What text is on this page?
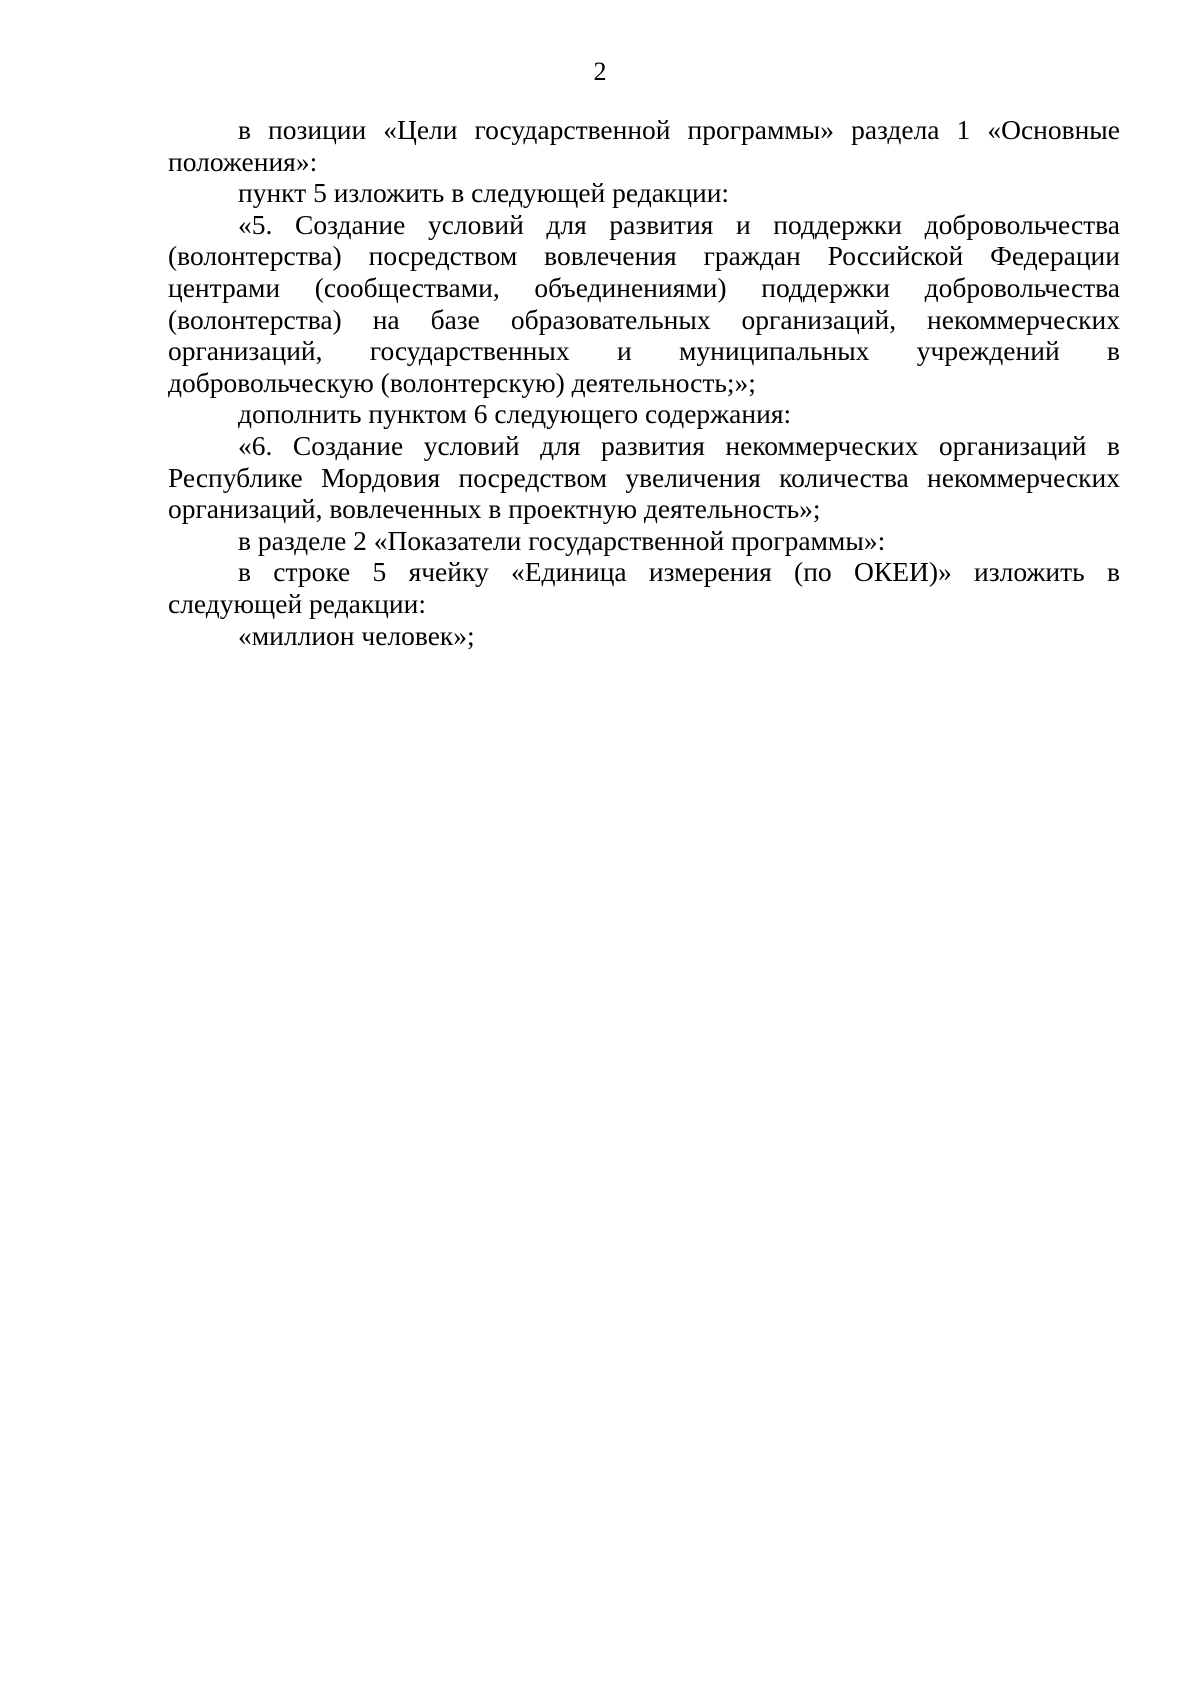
2

в позиции «Цели государственной программы» раздела 1 «Основные положения»:

пункт 5 изложить в следующей редакции:

«5. Создание условий для развития и поддержки добровольчества (волонтерства) посредством вовлечения граждан Российской Федерации центрами (сообществами, объединениями) поддержки добровольчества (волонтерства) на базе образовательных организаций, некоммерческих организаций, государственных и муниципальных учреждений в добровольческую (волонтерскую) деятельность;»;

дополнить пунктом 6 следующего содержания:

«6. Создание условий для развития некоммерческих организаций в Республике Мордовия посредством увеличения количества некоммерческих организаций, вовлеченных в проектную деятельность»;

в разделе 2 «Показатели государственной программы»:

в строке 5 ячейку «Единица измерения (по ОКЕИ)» изложить в следующей редакции:

«миллион человек»;
